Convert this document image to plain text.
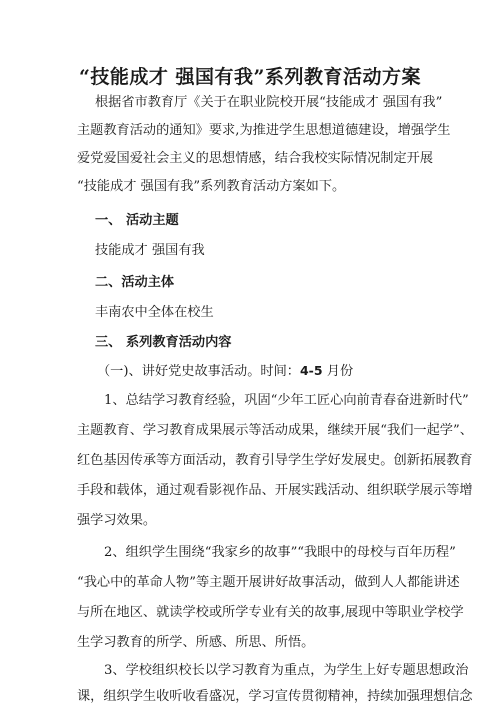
“技能成才 强国有我”系列教育活动方案
根据省市教育厅《关于在职业院校开展“技能成才 强国有我”
主题教育活动的通知》要求,为推进学生思想道德建设，增强学生
爱党爱国爱社会主义的思想情感，结合我校实际情况制定开展
“技能成才 强国有我”系列教育活动方案如下。
一、 活动主题
技能成才 强国有我
二、活动主体
丰南农中全体在校生
三、 系列教育活动内容
（一)、讲好党史故事活动。时间：4-5 月份
1、总结学习教育经验，巩固“少年工匠心向前青春奋进新时代”
主题教育、学习教育成果展示等活动成果，继续开展“我们一起学”、
红色基因传承等方面活动，教育引导学生学好发展史。创新拓展教育
手段和载体，通过观看影视作品、开展实践活动、组织联学展示等增
强学习效果。
2、组织学生围绕“我家乡的故事”“我眼中的母校与百年历程”
“我心中的革命人物”等主题开展讲好故事活动，做到人人都能讲述
与所在地区、就读学校或所学专业有关的故事,展现中等职业学校学
生学习教育的所学、所感、所思、所悟。
3、学校组织校长以学习教育为重点，为学生上好专题思想政治
课，组织学生收听收看盛况，学习宣传贯彻精神，持续加强理想信念
